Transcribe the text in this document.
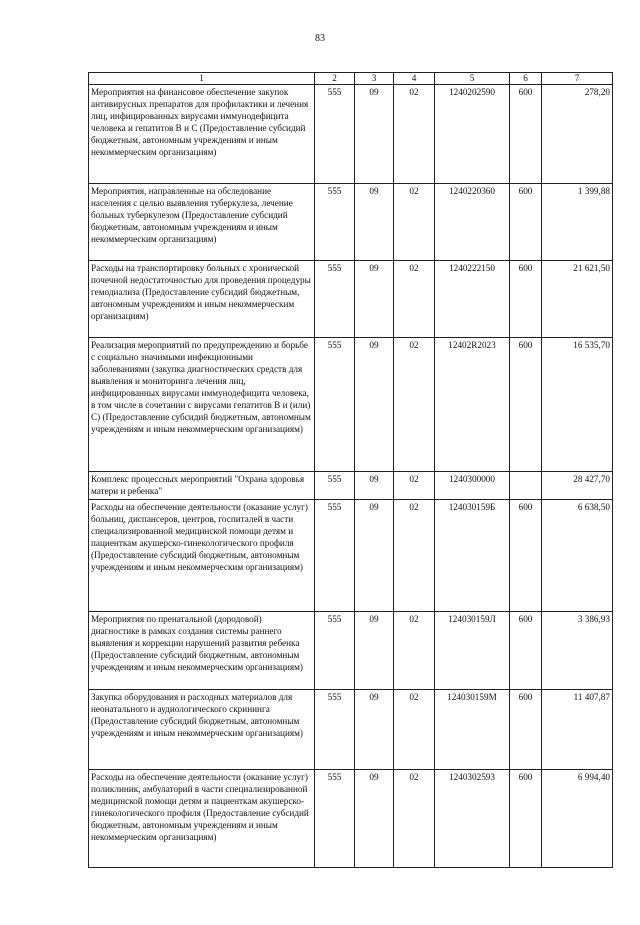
83
1	2	3	4	5	6	7
Мероприятия на финансовое обеспечение закупок антивирусных препаратов для профилактики и лечения лиц, инфицированных вирусами иммунодефицита человека и гепатитов В и С (Предоставление субсидий бюджетным, автономным учреждениям и иным некоммерческим организациям)	555	09	02	1240202590	600	278,20
Мероприятия, направленные на обследование населения с целью выявления туберкулеза, лечение больных туберкулезом (Предоставление субсидий бюджетным, автономным учреждениям и иным некоммерческим организациям)	555	09	02	1240220360	600	1 399,88
Расходы на транспортировку больных с хронической почечной недостаточностью для проведения процедуры гемодиализа (Предоставление субсидий бюджетным, автономным учреждениям и иным некоммерческим организациям)	555	09	02	1240222150	600	21 621,50
Реализация мероприятий по предупреждению и борьбе с социально значимыми инфекционными заболеваниями (закупка диагностических средств для выявления и мониторинга лечения лиц, инфицированных вирусами иммунодефицита человека, в том числе в сочетании с вирусами гепатитов В и (или) С) (Предоставление субсидий бюджетным, автономным учреждениям и иным некоммерческим организациям)	555	09	02	12402R2023	600	16 535,70
Комплекс процессных мероприятий "Охрана здоровья матери и ребенка"	555	09	02	1240300000		28 427,70
Расходы на обеспечение деятельности (оказание услуг) больниц, диспансеров, центров, госпиталей в части специализированной медицинской помощи детям и пациенткам акушерско-гинекологического профиля (Предоставление субсидий бюджетным, автономным учреждениям и иным некоммерческим организациям)	555	09	02	124030159Б	600	6 638,50
Мероприятия по пренатальной (дородовой) диагностике в рамках создания системы раннего выявления и коррекции нарушений развития ребенка (Предоставление субсидий бюджетным, автономным учреждениям и иным некоммерческим организациям)	555	09	02	124030159Л	600	3 386,93
Закупка оборудования и расходных материалов для неонатального и аудиологического скрининга (Предоставление субсидий бюджетным, автономным учреждениям и иным некоммерческим организациям)	555	09	02	124030159М	600	11 407,87
Расходы на обеспечение деятельности (оказание услуг) поликлиник, амбулаторий в части специализированной медицинской помощи детям и пациенткам акушерско-гинекологического профиля (Предоставление субсидий бюджетным, автономным учреждениям и иным некоммерческим организациям)	555	09	02	1240302593	600	6 994,40
